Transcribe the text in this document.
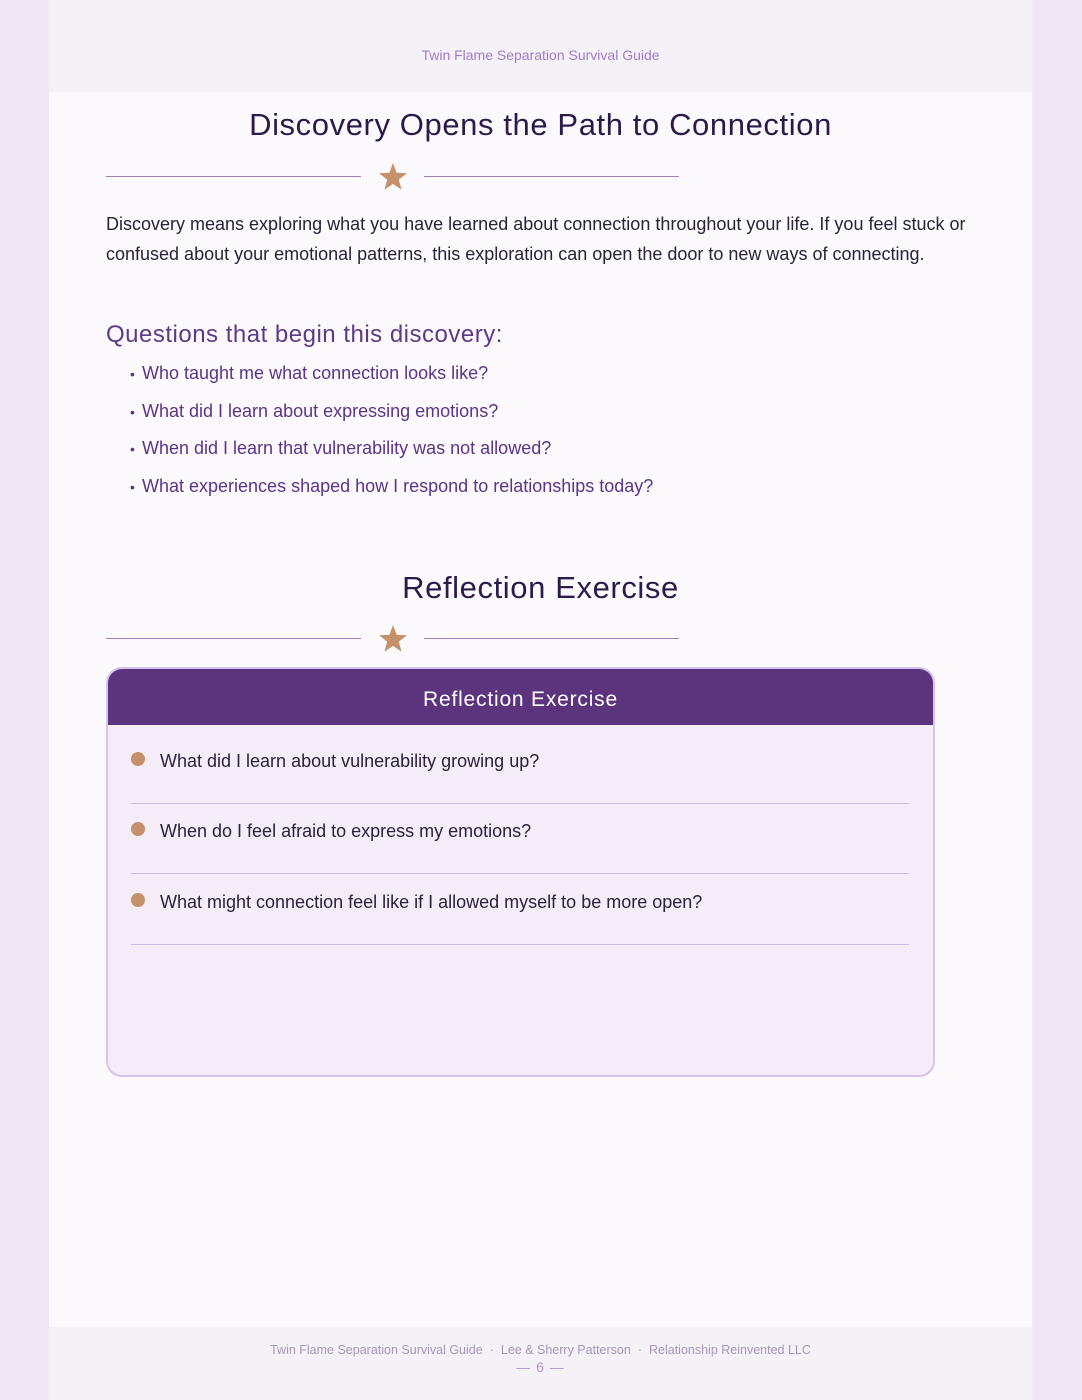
Twin Flame Separation Survival Guide
Discovery Opens the Path to Connection

Discovery means exploring what you have learned about connection throughout your life. If you feel stuck or confused about your emotional patterns, this exploration can open the door to new ways of connecting.

Questions that begin this discovery:
• Who taught me what connection looks like?
• What did I learn about expressing emotions?
• When did I learn that vulnerability was not allowed?
• What experiences shaped how I respond to relationships today?
Reflection Exercise
Reflection Exercise
What did I learn about vulnerability growing up?
When do I feel afraid to express my emotions?
What might connection feel like if I allowed myself to be more open?
Twin Flame Separation Survival Guide · Lee & Sherry Patterson · Relationship Reinvented LLC
— 6 —
